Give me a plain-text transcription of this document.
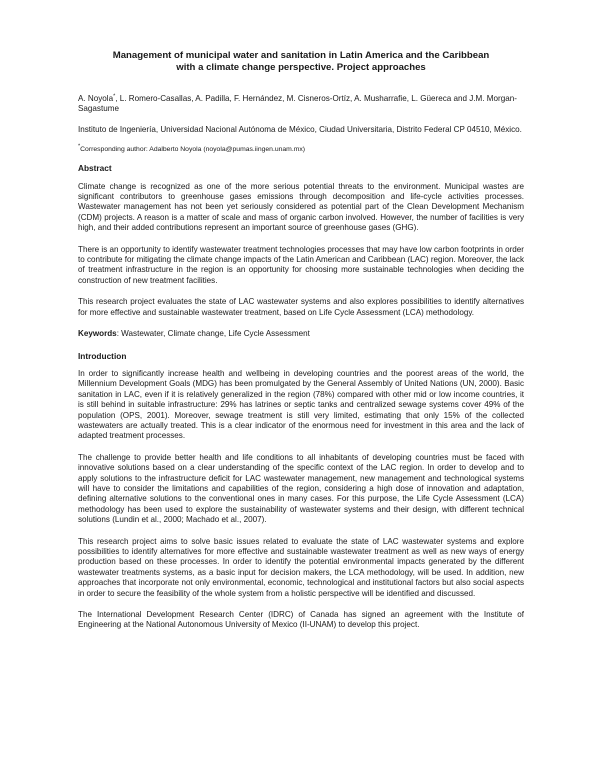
Management of municipal water and sanitation in Latin America and the Caribbean
with a climate change perspective. Project approaches
A. Noyola*, L. Romero-Casallas, A. Padilla, F. Hernández, M. Cisneros-Ortíz, A. Musharrafie, L. Güereca and J.M. Morgan-Sagastume
Instituto de Ingeniería, Universidad Nacional Autónoma de México, Ciudad Universitaria, Distrito Federal CP 04510, México.
*Corresponding author: Adalberto Noyola (noyola@pumas.iingen.unam.mx)
Abstract

Climate change is recognized as one of the more serious potential threats to the environment. Municipal wastes are significant contributors to greenhouse gases emissions through decomposition and life-cycle activities processes. Wastewater management has not been yet seriously considered as potential part of the Clean Development Mechanism (CDM) projects. A reason is a matter of scale and mass of organic carbon involved. However, the number of facilities is very high, and their added contributions represent an important source of greenhouse gases (GHG).

There is an opportunity to identify wastewater treatment technologies processes that may have low carbon footprints in order to contribute for mitigating the climate change impacts of the Latin American and Caribbean (LAC) region. Moreover, the lack of treatment infrastructure in the region is an opportunity for choosing more sustainable technologies when deciding the construction of new treatment facilities.

This research project evaluates the state of LAC wastewater systems and also explores possibilities to identify alternatives for more effective and sustainable wastewater treatment, based on Life Cycle Assessment (LCA) methodology.

Keywords: Wastewater, Climate change, Life Cycle Assessment
Introduction

In order to significantly increase health and wellbeing in developing countries and the poorest areas of the world, the Millennium Development Goals (MDG) has been promulgated by the General Assembly of United Nations (UN, 2000). Basic sanitation in LAC, even if it is relatively generalized in the region (78%) compared with other mid or low income countries, it is still behind in suitable infrastructure: 29% has latrines or septic tanks and centralized sewage systems cover 49% of the population (OPS, 2001). Moreover, sewage treatment is still very limited, estimating that only 15% of the collected wastewaters are actually treated. This is a clear indicator of the enormous need for investment in this area and the lack of adapted treatment processes.

The challenge to provide better health and life conditions to all inhabitants of developing countries must be faced with innovative solutions based on a clear understanding of the specific context of the LAC region. In order to develop and to apply solutions to the infrastructure deficit for LAC wastewater management, new management and technological systems will have to consider the limitations and capabilities of the region, considering a high dose of innovation and adaptation, defining alternative solutions to the conventional ones in many cases. For this purpose, the Life Cycle Assessment (LCA) methodology has been used to explore the sustainability of wastewater systems and their design, with different technical solutions (Lundin et al., 2000; Machado et al., 2007).

This research project aims to solve basic issues related to evaluate the state of LAC wastewater systems and explore possibilities to identify alternatives for more effective and sustainable wastewater treatment as well as new ways of energy production based on these processes. In order to identify the potential environmental impacts generated by the different wastewater treatments systems, as a basic input for decision makers, the LCA methodology, will be used. In addition, new approaches that incorporate not only environmental, economic, technological and institutional factors but also social aspects in order to secure the feasibility of the whole system from a holistic perspective will be identified and discussed.

The International Development Research Center (IDRC) of Canada has signed an agreement with the Institute of Engineering at the National Autonomous University of Mexico (II-UNAM) to develop this project.
